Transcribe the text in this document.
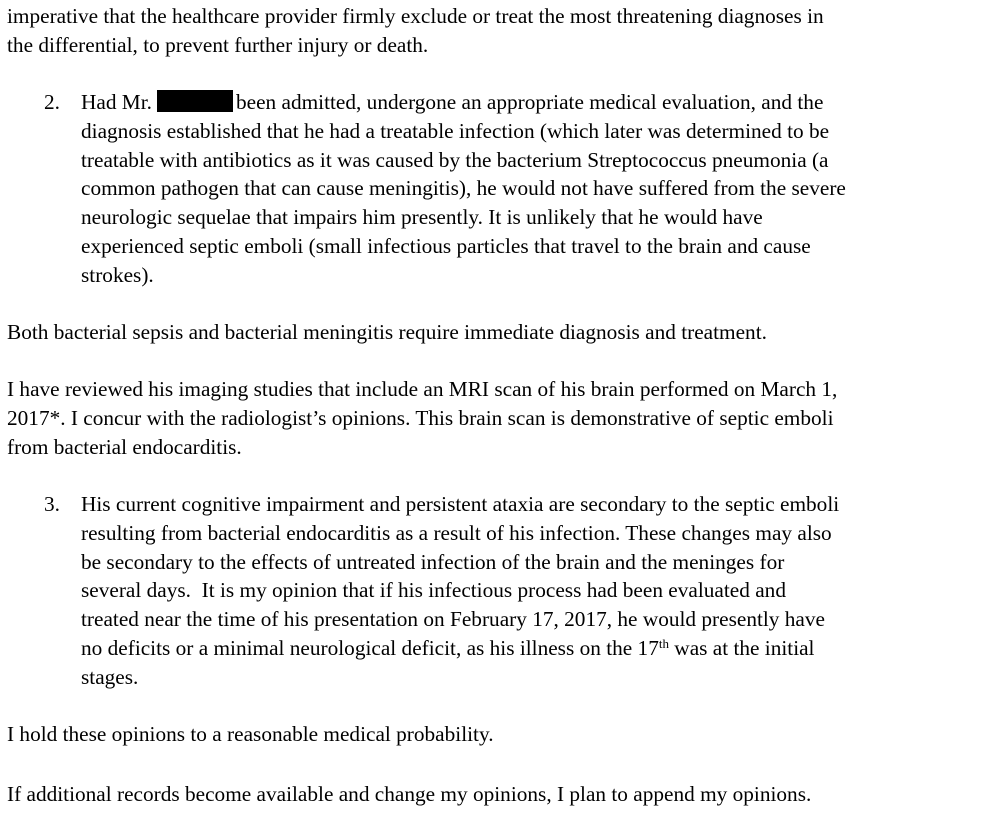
imperative that the healthcare provider firmly exclude or treat the most threatening diagnoses in
the differential, to prevent further injury or death.
2. Had Mr.	been admitted, undergone an appropriate medical evaluation, and the
diagnosis established that he had a treatable infection (which later was determined to be
treatable with antibiotics as it was caused by the bacterium Streptococcus pneumonia (a
common pathogen that can cause meningitis), he would not have suffered from the severe
neurologic sequelae that impairs him presently. It is unlikely that he would have
experienced septic emboli (small infectious particles that travel to the brain and cause
strokes).
Both bacterial sepsis and bacterial meningitis require immediate diagnosis and treatment.
I have reviewed his imaging studies that include an MRI scan of his brain performed on March 1,
2017*. I concur with the radiologist’s opinions. This brain scan is demonstrative of septic emboli
from bacterial endocarditis.
3. His current cognitive impairment and persistent ataxia are secondary to the septic emboli
resulting from bacterial endocarditis as a result of his infection. These changes may also
be secondary to the effects of untreated infection of the brain and the meninges for
several days.  It is my opinion that if his infectious process had been evaluated and
treated near the time of his presentation on February 17, 2017, he would presently have
no deficits or a minimal neurological deficit, as his illness on the 17th was at the initial
stages.
I hold these opinions to a reasonable medical probability.
If additional records become available and change my opinions, I plan to append my opinions.
